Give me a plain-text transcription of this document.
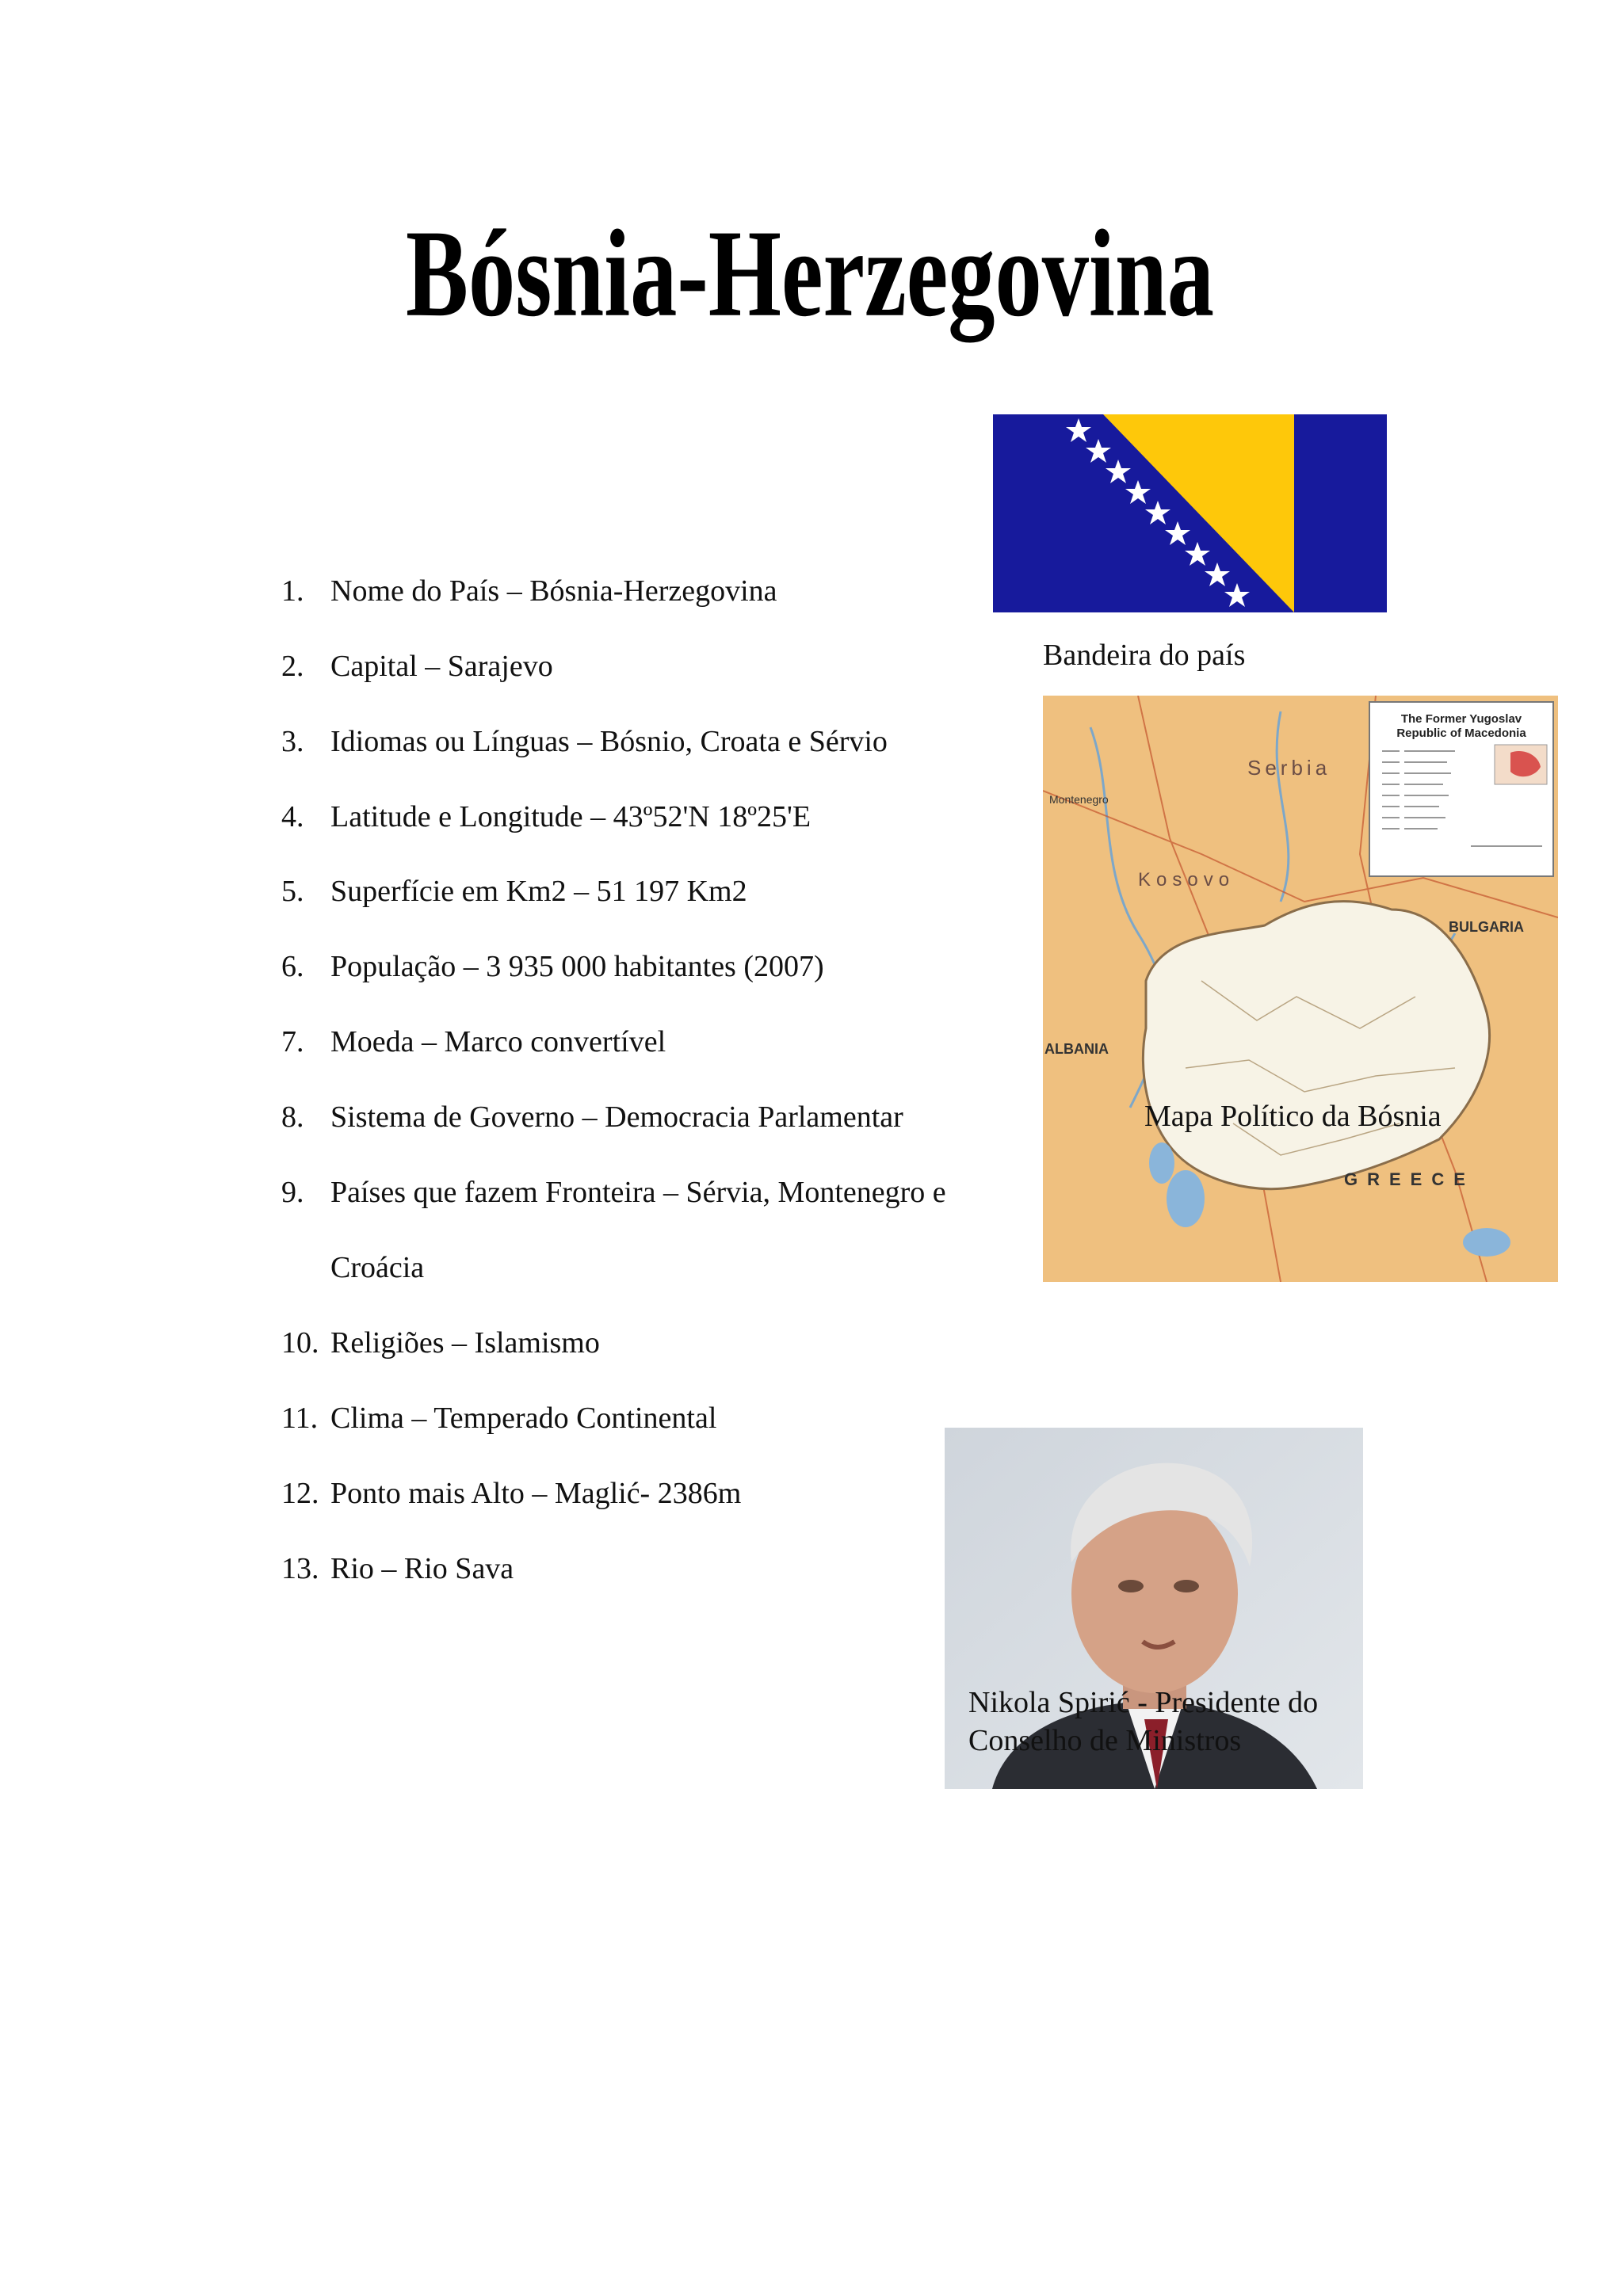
Bósnia-Herzegovina
1. Nome do País – Bósnia-Herzegovina
2. Capital – Sarajevo
3. Idiomas ou Línguas – Bósnio, Croata e Sérvio
4. Latitude e Longitude – 43º52'N 18º25'E
5. Superfície em Km2 – 51 197 Km2
6. População – 3 935 000 habitantes (2007)
7. Moeda – Marco convertível
8. Sistema de Governo – Democracia Parlamentar
9. Países que fazem Fronteira – Sérvia, Montenegro e
Croácia
10. Religiões – Islamismo
11. Clima – Temperado Continental
12. Ponto mais Alto – Maglić- 2386m
13. Rio – Rio Sava
Bandeira do país
The Former Yugoslav
Republic of Macedonia
Serbia
Kosovo
Montenegro
BULGARIA
ALBANIA
GREECE
Mapa Político da Bósnia
Nikola Spirić - Presidente do
Conselho de Ministros
